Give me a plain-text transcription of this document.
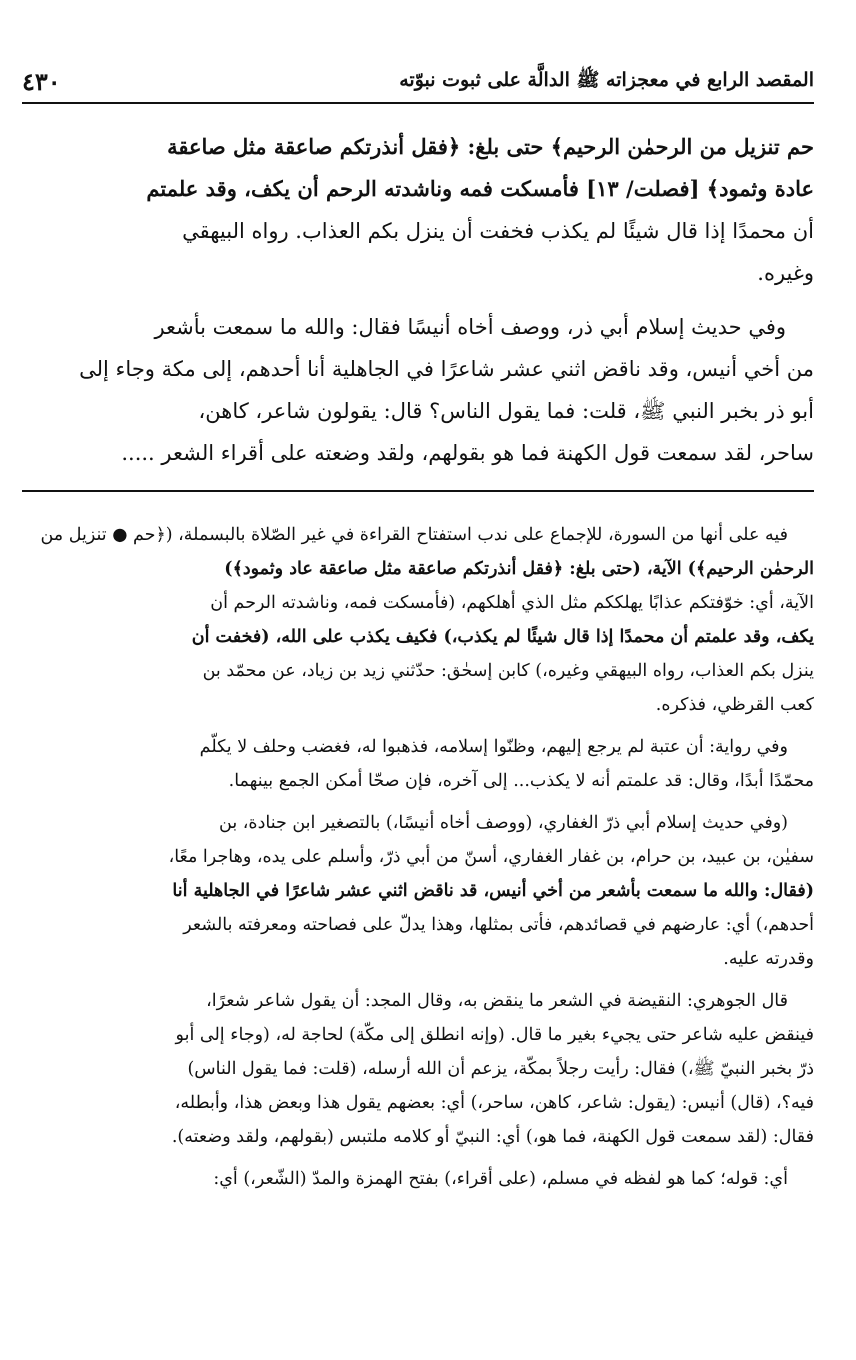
المقصد الرابع في معجزاته ﷺ الدالَّة على ثبوت نبوّته
٤٣٠

حم تنزيل من الرحمٰن الرحيم﴾ حتى بلغ: ﴿فقل أنذرتكم صاعقة مثل صاعقة
عادة وثمود﴾ [فصلت/ ١٣] فأمسكت فمه وناشدته الرحم أن يكف، وقد علمتم
أن محمدًا إذا قال شيئًا لم يكذب فخفت أن ينزل بكم العذاب. رواه البيهقي
وغيره.

وفي حديث إسلام أبي ذر، ووصف أخاه أنيسًا فقال: والله ما سمعت بأشعر
من أخي أنيس، وقد ناقض اثني عشر شاعرًا في الجاهلية أنا أحدهم، إلى مكة وجاء إلى
أبو ذر بخبر النبي ﷺ، قلت: فما يقول الناس؟ قال: يقولون شاعر، كاهن،
ساحر، لقد سمعت قول الكهنة فما هو بقولهم، ولقد وضعته على أقراء الشعر .....

فيه على أنها من السورة، للإجماع على ندب استفتاح القراءة في غير الصّلاة بالبسملة، (﴿حم ● تنزيل من
الرحمٰن الرحيم﴾) الآية، (حتى بلغ: ﴿فقل أنذرتكم صاعقة مثل صاعقة عاد وثمود﴾)
الآية، أي: خوّفتكم عذابًا يهلككم مثل الذي أهلكهم، (فأمسكت فمه، وناشدته الرحم أن
يكف، وقد علمتم أن محمدًا إذا قال شيئًا لم يكذب،) فكيف يكذب على الله، (فخفت أن
ينزل بكم العذاب، رواه البيهقي وغيره،) كابن إسحٰق: حدّثني زيد بن زياد، عن محمّد بن
كعب القرظي، فذكره.

وفي رواية: أن عتبة لم يرجع إليهم، وظنّوا إسلامه، فذهبوا له، فغضب وحلف لا يكلّم
محمّدًا أبدًا، وقال: قد علمتم أنه لا يكذب... إلى آخره، فإن صحّا أمكن الجمع بينهما.

(وفي حديث إسلام أبي ذرّ الغفاري، (ووصف أخاه أنيسًا،) بالتصغير ابن جنادة، بن
سفيٰن، بن عبيد، بن حرام، بن غفار الغفاري، أسنّ من أبي ذرّ، وأسلم على يده، وهاجرا معًا،
(فقال: والله ما سمعت بأشعر من أخي أنيس، قد ناقض اثني عشر شاعرًا في الجاهلية أنا
أحدهم،) أي: عارضهم في قصائدهم، فأتى بمثلها، وهذا يدلّ على فصاحته ومعرفته بالشعر
وقدرته عليه.

قال الجوهري: النقيضة في الشعر ما ينقض به، وقال المجد: أن يقول شاعر شعرًا،
فينقض عليه شاعر حتى يجيء بغير ما قال. (وإنه انطلق إلى مكّة) لحاجة له، (وجاء إلى أبو
ذرّ بخبر النبيّ ﷺ،) فقال: رأيت رجلاً بمكّة، يزعم أن الله أرسله، (قلت: فما يقول الناس)
فيه؟، (قال) أنيس: (يقول: شاعر، كاهن، ساحر،) أي: بعضهم يقول هذا وبعض هذا، وأبطله،
فقال: (لقد سمعت قول الكهنة، فما هو،) أي: النبيّ أو كلامه ملتبس (بقولهم، ولقد وضعته).

أي: قوله؛ كما هو لفظه في مسلم، (على أقراء،) بفتح الهمزة والمدّ (الشّعر،) أي:
